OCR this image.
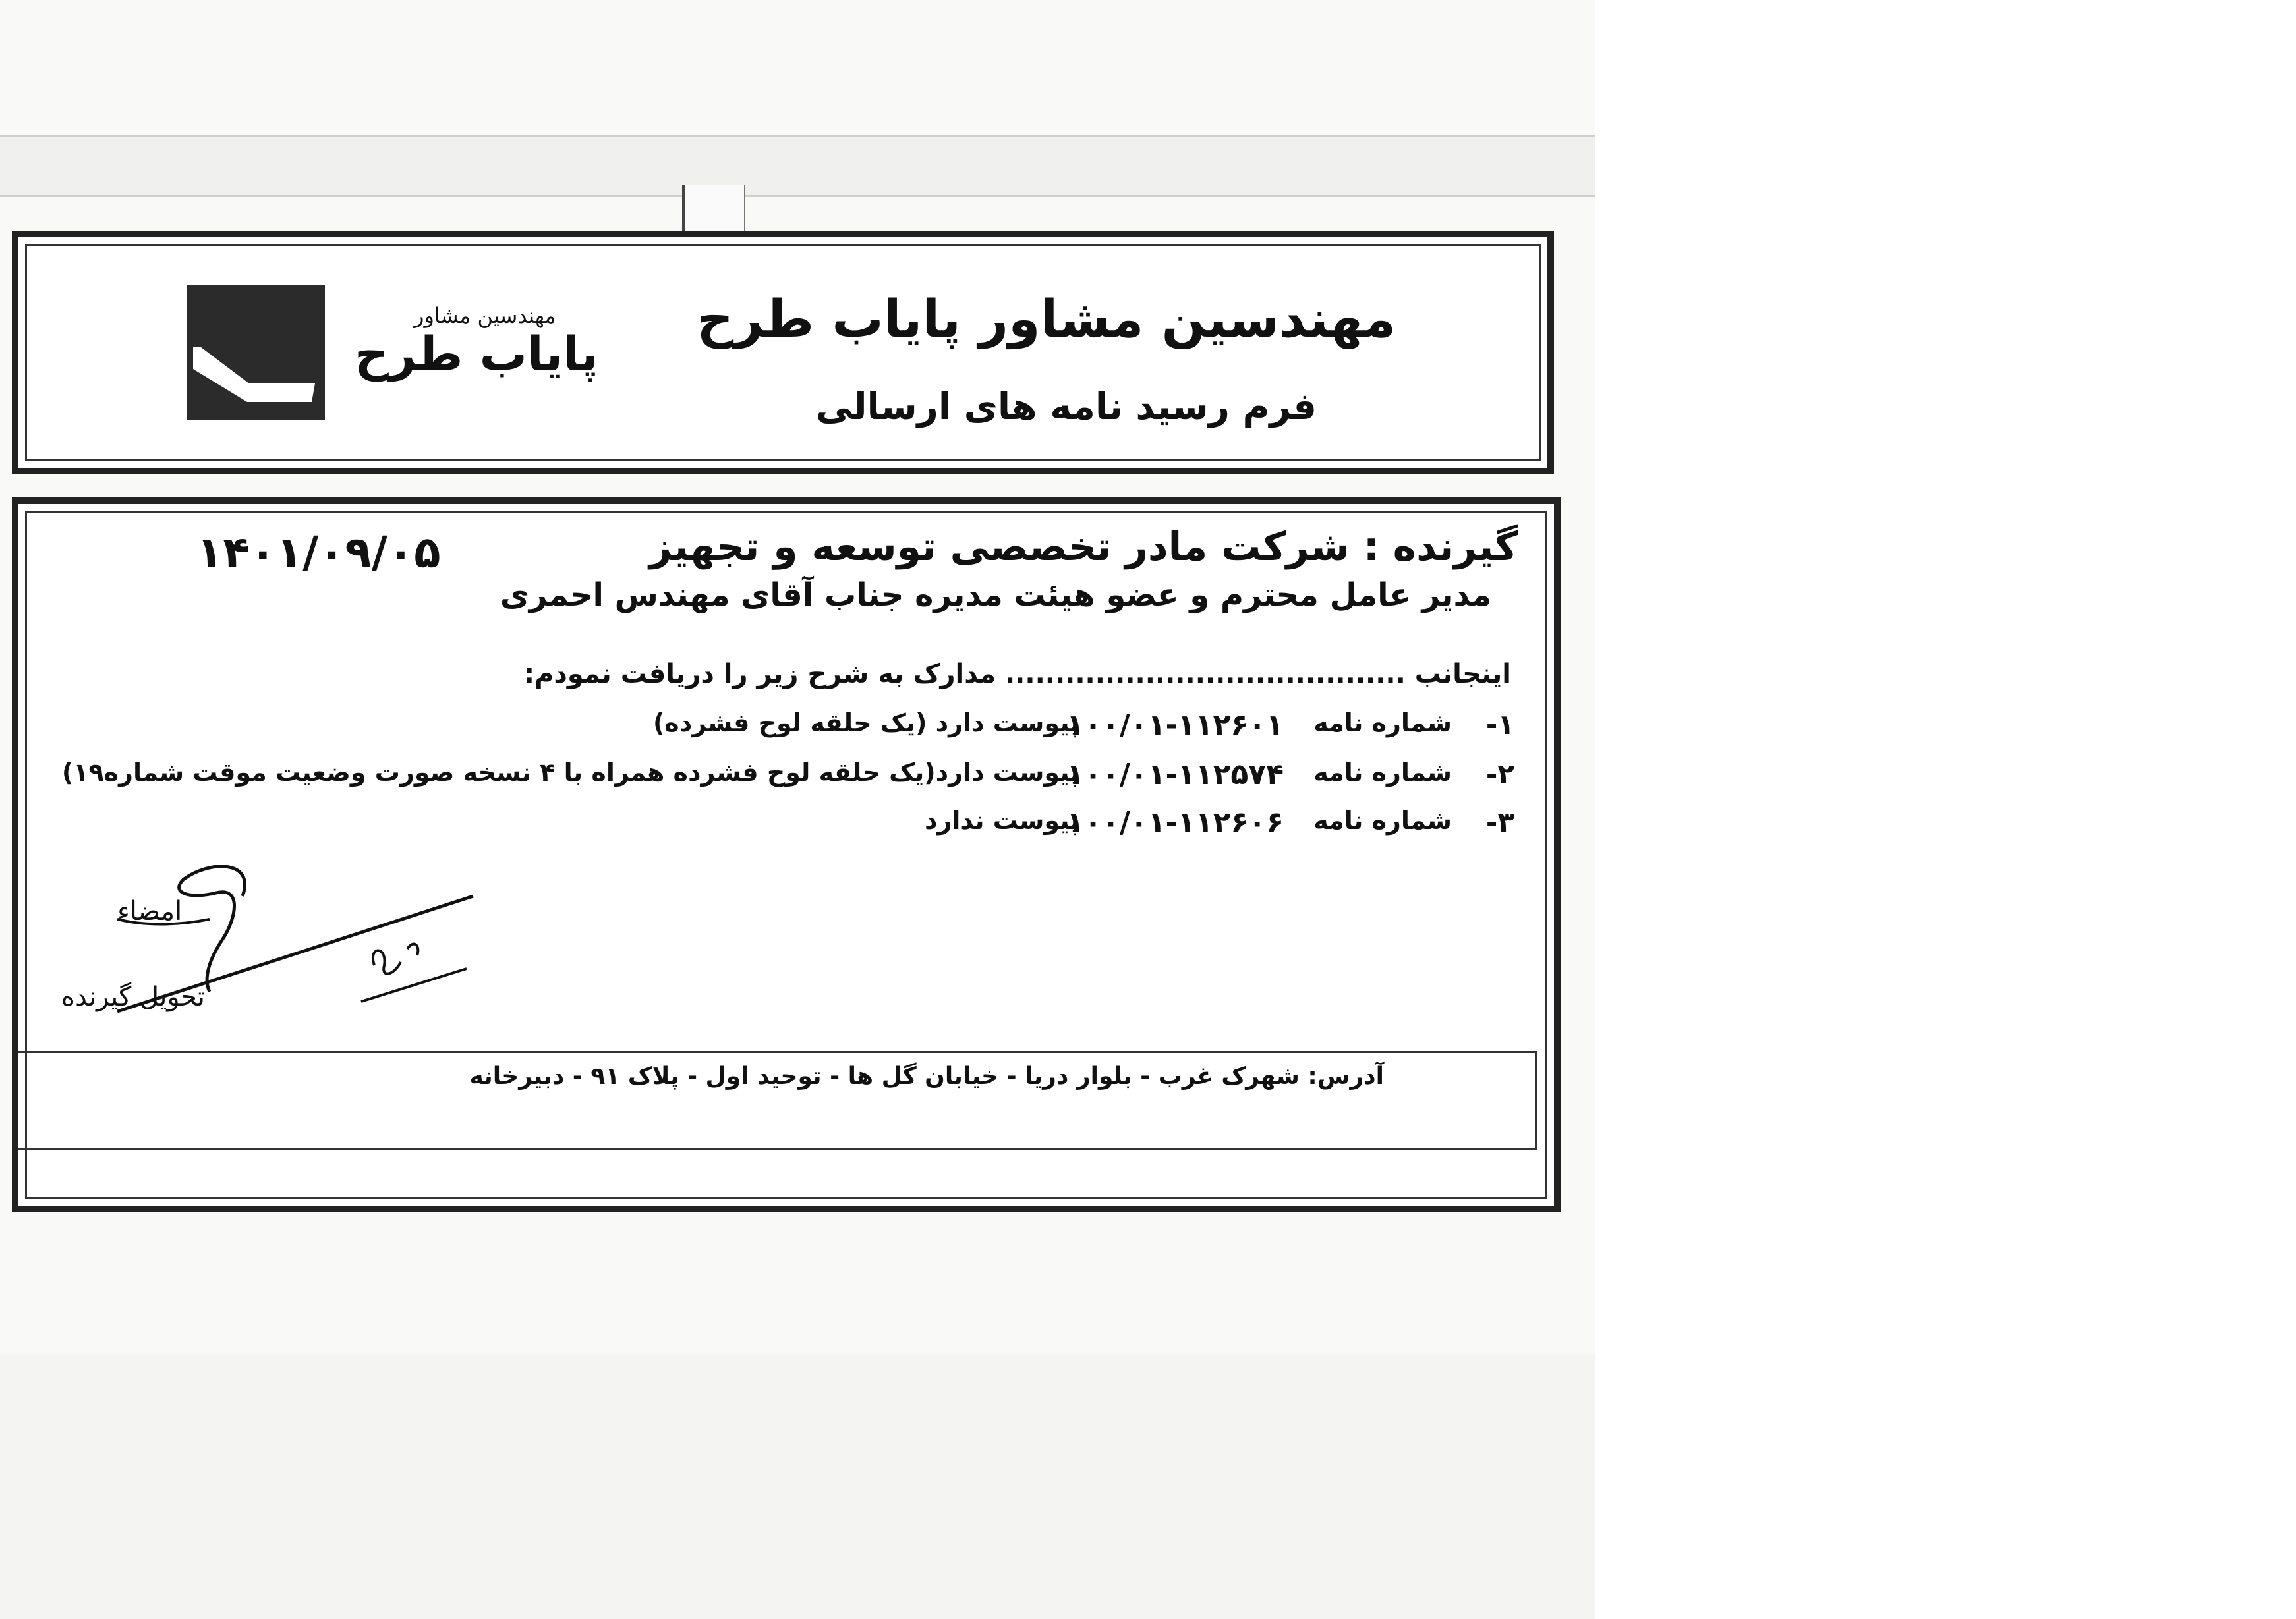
مهندسین مشاور پایاب طرح
فرم رسید نامه های ارسالی
مهندسین مشاور
پایاب طرح
۱۴۰۱/۰۹/۰۵	گیرنده : شرکت مادر تخصصی توسعه و تجهیز
مدیر عامل محترم و عضو هیئت مدیره جناب آقای مهندس احمری
اینجانب ........................................ مدارک به شرح زیر را دریافت نمودم:
۱-
شماره نامه
۱۰۰/۰۱-۱۱۲۶۰۱
پیوست دارد (یک حلقه لوح فشرده)
۲-
شماره نامه
۱۰۰/۰۱-۱۱۲۵۷۴
پیوست دارد(یک حلقه لوح فشرده همراه با ۴ نسخه صورت وضعیت موقت شماره۱۹)
۳-
شماره نامه
۱۰۰/۰۱-۱۱۲۶۰۶
پیوست ندارد
امضاء
تحویل گیرنده
آدرس: شهرک غرب - بلوار دریا - خیابان گل ها - توحید اول - پلاک ۹۱ - دبیرخانه
